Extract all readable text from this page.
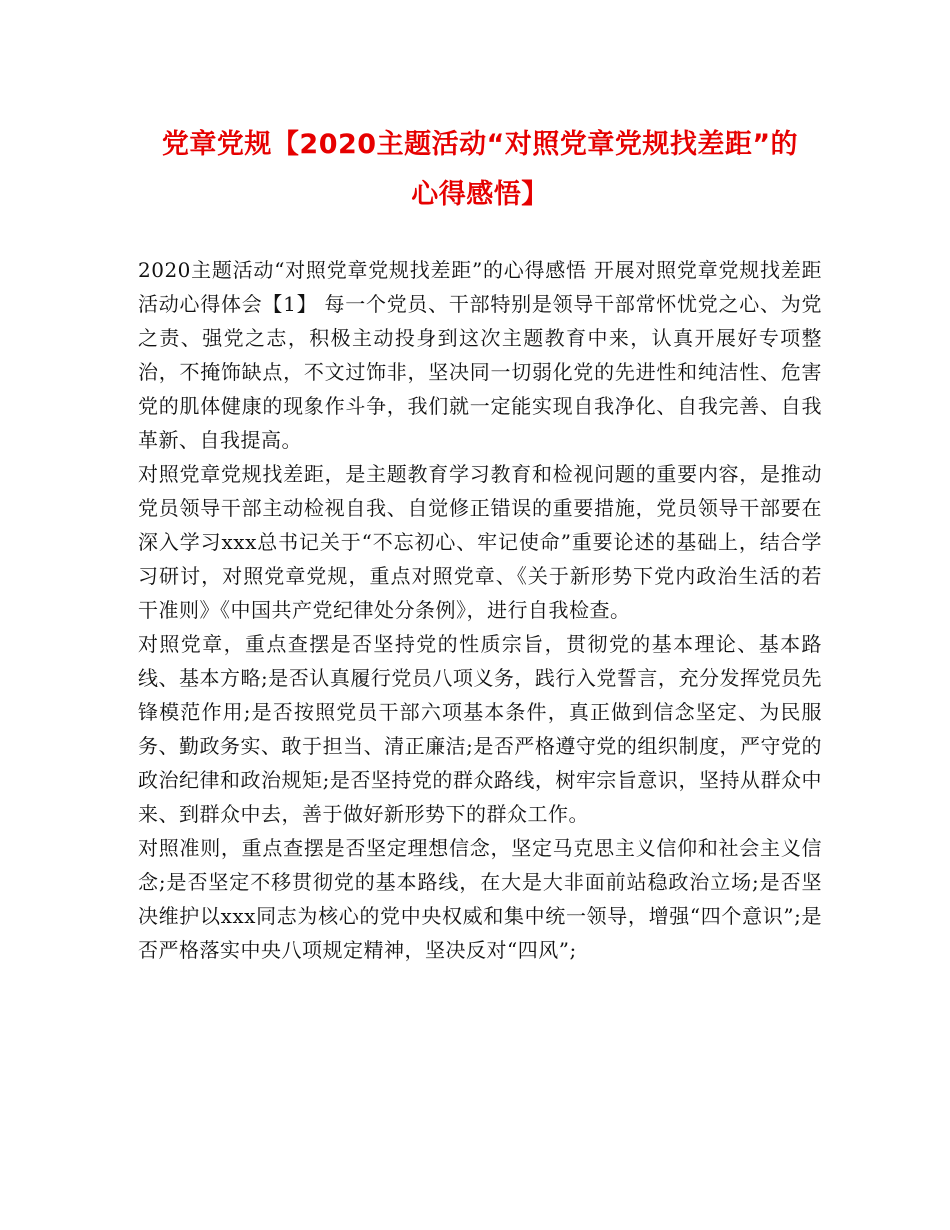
党章党规【2020主题活动“对照党章党规找差距”的
心得感悟】

2020主题活动“对照党章党规找差距”的心得感悟 开展对照党章党规找差距活动心得体会【1】 每一个党员、干部特别是领导干部常怀忧党之心、为党之责、强党之志，积极主动投身到这次主题教育中来，认真开展好专项整治，不掩饰缺点，不文过饰非，坚决同一切弱化党的先进性和纯洁性、危害党的肌体健康的现象作斗争，我们就一定能实现自我净化、自我完善、自我革新、自我提高。

对照党章党规找差距，是主题教育学习教育和检视问题的重要内容，是推动党员领导干部主动检视自我、自觉修正错误的重要措施，党员领导干部要在深入学习xxx总书记关于“不忘初心、牢记使命”重要论述的基础上，结合学习研讨，对照党章党规，重点对照党章、《关于新形势下党内政治生活的若干准则》《中国共产党纪律处分条例》，进行自我检查。

对照党章，重点查摆是否坚持党的性质宗旨，贯彻党的基本理论、基本路线、基本方略;是否认真履行党员八项义务，践行入党誓言，充分发挥党员先锋模范作用;是否按照党员干部六项基本条件，真正做到信念坚定、为民服务、勤政务实、敢于担当、清正廉洁;是否严格遵守党的组织制度，严守党的政治纪律和政治规矩;是否坚持党的群众路线，树牢宗旨意识，坚持从群众中来、到群众中去，善于做好新形势下的群众工作。

对照准则，重点查摆是否坚定理想信念，坚定马克思主义信仰和社会主义信念;是否坚定不移贯彻党的基本路线，在大是大非面前站稳政治立场;是否坚决维护以xxx同志为核心的党中央权威和集中统一领导，增强“四个意识”;是否严格落实中央八项规定精神，坚决反对“四风”;
